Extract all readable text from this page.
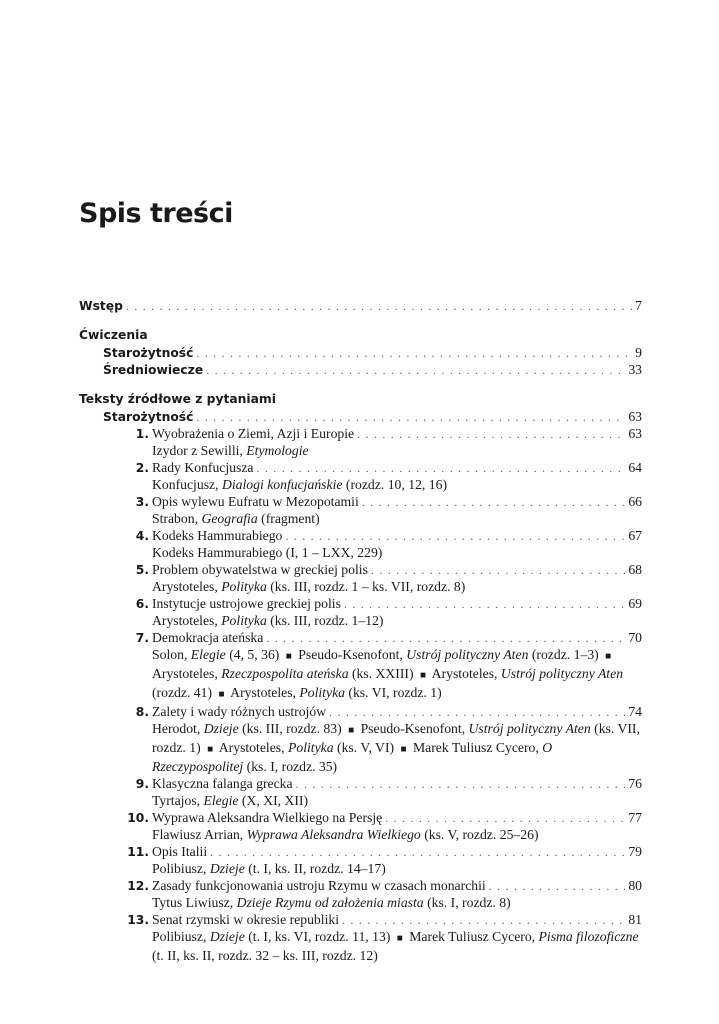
Spis treści
Wstęp . . .	7
Ćwiczenia
Starożytność . . .	9
Średniowiecze . . .	33
Teksty źródłowe z pytaniami
Starożytność . . .	63
1. Wyobrażenia o Ziemi, Azji i Europie . . .	63
Izydor z Sewilli, Etymologie
2. Rady Konfucjusza . . .	64
Konfucjusz, Dialogi konfucjańskie (rozdz. 10, 12, 16)
3. Opis wylewu Eufratu w Mezopotamii . . .	66
Strabon, Geografia (fragment)
4. Kodeks Hammurabiego . . .	67
Kodeks Hammurabiego (I, 1 – LXX, 229)
5. Problem obywatelstwa w greckiej polis . . .	68
Arystoteles, Polityka (ks. III, rozdz. 1 – ks. VII, rozdz. 8)
6. Instytucje ustrojowe greckiej polis . . .	69
Arystoteles, Polityka (ks. III, rozdz. 1–12)
7. Demokracja ateńska . . .	70
Solon, Elegie (4, 5, 36) ■ Pseudo-Ksenofont, Ustrój polityczny Aten (rozdz. 1–3) ■ Arystoteles, Rzeczpospolita ateńska (ks. XXIII) ■ Arystoteles, Ustrój polityczny Aten (rozdz. 41) ■ Arystoteles, Polityka (ks. VI, rozdz. 1)
8. Zalety i wady różnych ustrojów . . .	74
Herodot, Dzieje (ks. III, rozdz. 83) ■ Pseudo-Ksenofont, Ustrój polityczny Aten (ks. VII, rozdz. 1) ■ Arystoteles, Polityka (ks. V, VI) ■ Marek Tuliusz Cycero, O Rzeczypospolitej (ks. I, rozdz. 35)
9. Klasyczna falanga grecka . . .	76
Tyrtajos, Elegie (X, XI, XII)
10. Wyprawa Aleksandra Wielkiego na Persję . . .	77
Flawiusz Arrian, Wyprawa Aleksandra Wielkiego (ks. V, rozdz. 25–26)
11. Opis Italii . . .	79
Polibiusz, Dzieje (t. I, ks. II, rozdz. 14–17)
12. Zasady funkcjonowania ustroju Rzymu w czasach monarchii . . .	80
Tytus Liwiusz, Dzieje Rzymu od założenia miasta (ks. I, rozdz. 8)
13. Senat rzymski w okresie republiki . . .	81
Polibiusz, Dzieje (t. I, ks. VI, rozdz. 11, 13) ■ Marek Tuliusz Cycero, Pisma filozoficzne (t. II, ks. II, rozdz. 32 – ks. III, rozdz. 12)
